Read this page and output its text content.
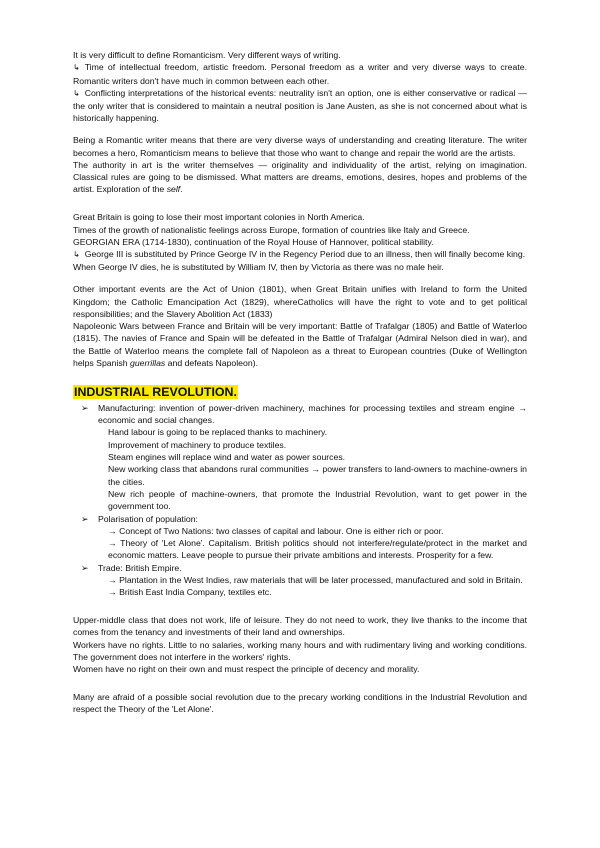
It is very difficult to define Romanticism. Very different ways of writing.

↳ Time of intellectual freedom, artistic freedom. Personal freedom as a writer and very diverse ways to create. Romantic writers don't have much in common between each other.

↳ Conflicting interpretations of the historical events: neutrality isn't an option, one is either conservative or radical — the only writer that is considered to maintain a neutral position is Jane Austen, as she is not concerned about what is historically happening.

Being a Romantic writer means that there are very diverse ways of understanding and creating literature. The writer becomes a hero, Romanticism means to believe that those who want to change and repair the world are the artists.

The authority in art is the writer themselves — originality and individuality of the artist, relying on imagination. Classical rules are going to be dismissed. What matters are dreams, emotions, desires, hopes and problems of the artist. Exploration of the self.

Great Britain is going to lose their most important colonies in North America.

Times of the growth of nationalistic feelings across Europe, formation of countries like Italy and Greece.

GEORGIAN ERA (1714-1830), continuation of the Royal House of Hannover, political stability.

↳ George III is substituted by Prince George IV in the Regency Period due to an illness, then will finally become king.

When George IV dies, he is substituted by William IV, then by Victoria as there was no male heir.

Other important events are the Act of Union (1801), when Great Britain unifies with Ireland to form the United Kingdom; the Catholic Emancipation Act (1829), whereCatholics will have the right to vote and to get political responsibilities; and the Slavery Abolition Act (1833)

Napoleonic Wars between France and Britain will be very important: Battle of Trafalgar (1805) and Battle of Waterloo (1815). The navies of France and Spain will be defeated in the Battle of Trafalgar (Admiral Nelson died in war), and the Battle of Waterloo means the complete fall of Napoleon as a threat to European countries (Duke of Wellington helps Spanish guerrillas and defeats Napoleon).

INDUSTRIAL REVOLUTION.
➢ Manufacturing: invention of power-driven machinery, machines for processing textiles and stream engine → economic and social changes.

Hand labour is going to be replaced thanks to machinery.

Improvement of machinery to produce textiles.

Steam engines will replace wind and water as power sources.

New working class that abandons rural communities → power transfers to land-owners to machine-owners in the cities.

New rich people of machine-owners, that promote the Industrial Revolution, want to get power in the government too.

➢ Polarisation of population:

→ Concept of Two Nations: two classes of capital and labour. One is either rich or poor.

→ Theory of 'Let Alone'. Capitalism. British politics should not interfere/regulate/protect in the market and economic matters. Leave people to pursue their private ambitions and interests. Prosperity for a few.

➢ Trade: British Empire.

→ Plantation in the West Indies, raw materials that will be later processed, manufactured and sold in Britain.

→ British East India Company, textiles etc.

Upper-middle class that does not work, life of leisure. They do not need to work, they live thanks to the income that comes from the tenancy and investments of their land and ownerships.

Workers have no rights. Little to no salaries, working many hours and with rudimentary living and working conditions. The government does not interfere in the workers' rights.

Women have no right on their own and must respect the principle of decency and morality.

Many are afraid of a possible social revolution due to the precary working conditions in the Industrial Revolution and respect the Theory of the 'Let Alone'.
